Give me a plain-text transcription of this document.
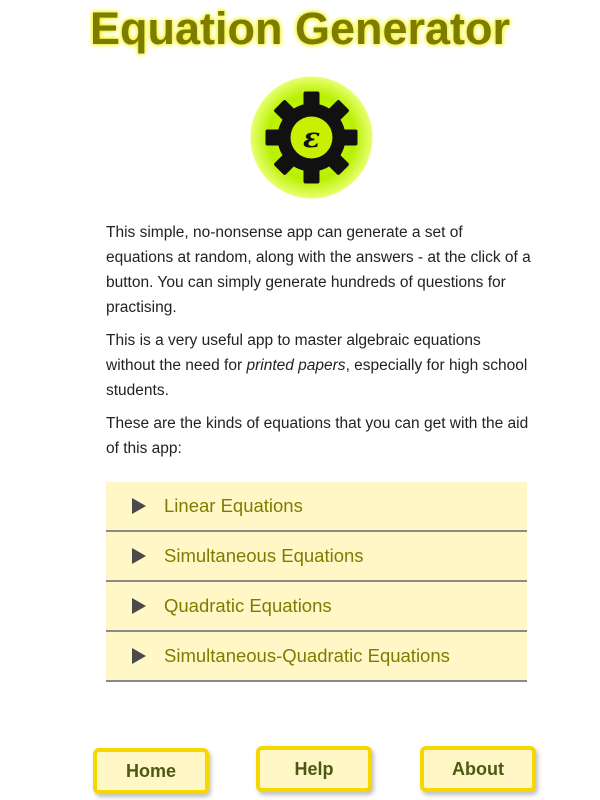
Equation Generator
ε

This simple, no-nonsense app can generate a set of equations at random, along with the answers - at the click of a button. You can simply generate hundreds of questions for practising.

This is a very useful app to master algebraic equations without the need for printed papers, especially for high school students.

These are the kinds of equations that you can get with the aid of this app:

Linear Equations
Simultaneous Equations
Quadratic Equations
Simultaneous-Quadratic Equations
Home	Help	About
